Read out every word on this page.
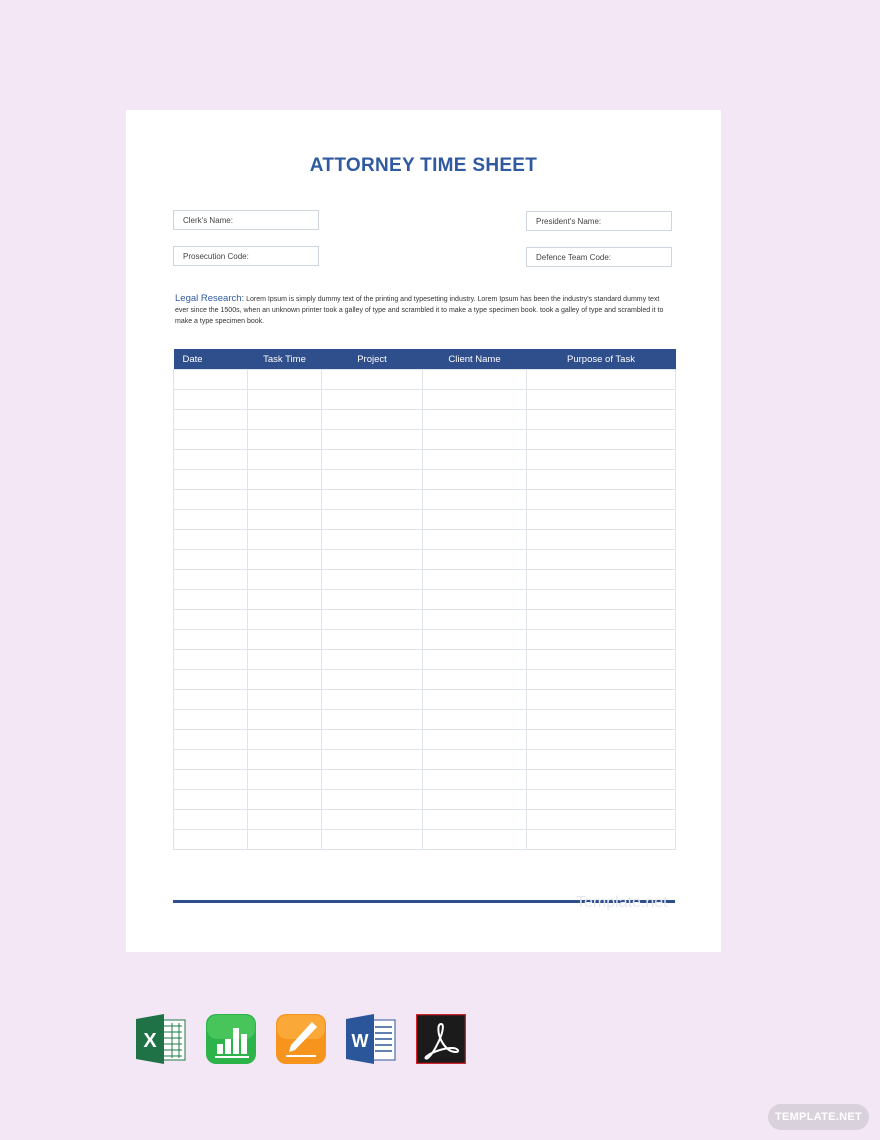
ATTORNEY TIME SHEET
Clerk's Name:	President's Name:
Prosecution Code:	Defence Team Code:
Legal Research: Lorem Ipsum is simply dummy text of the printing and typesetting industry. Lorem Ipsum has been the industry's standard dummy text ever since the 1500s, when an unknown printer took a galley of type and scrambled it to make a type specimen book. took a galley of type and scrambled it to make a type specimen book.
Date	Task Time	Project	Client Name	Purpose of Task

Template.net
X	W
TEMPLATE.NET
